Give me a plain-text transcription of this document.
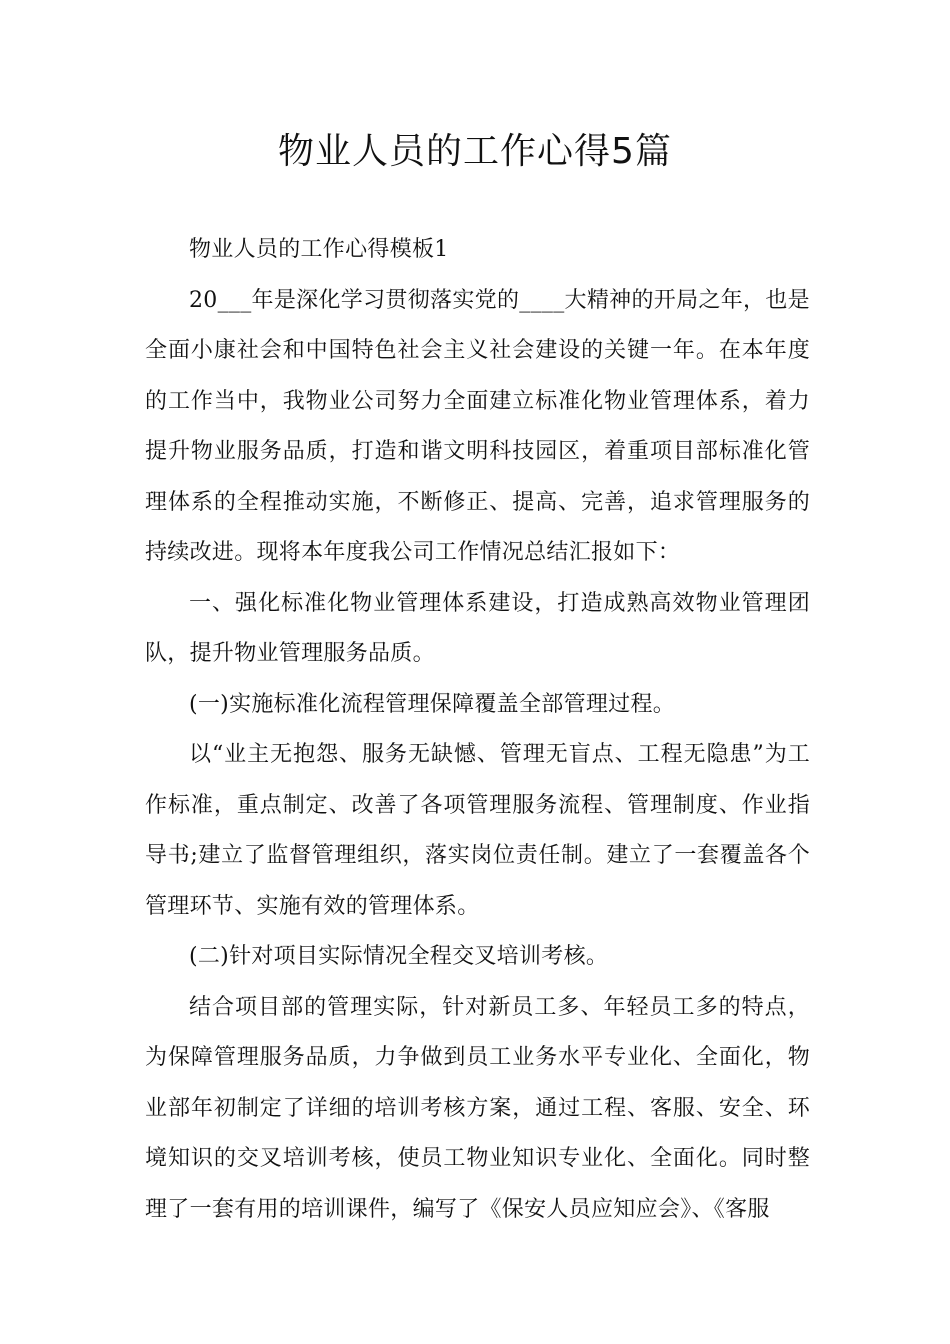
物业人员的工作心得5篇

物业人员的工作心得模板1

20___年是深化学习贯彻落实党的____大精神的开局之年，也是全面小康社会和中国特色社会主义社会建设的关键一年。在本年度的工作当中，我物业公司努力全面建立标准化物业管理体系，着力提升物业服务品质，打造和谐文明科技园区，着重项目部标准化管理体系的全程推动实施，不断修正、提高、完善，追求管理服务的持续改进。现将本年度我公司工作情况总结汇报如下：

一、强化标准化物业管理体系建设，打造成熟高效物业管理团队，提升物业管理服务品质。

(一)实施标准化流程管理保障覆盖全部管理过程。

以“业主无抱怨、服务无缺憾、管理无盲点、工程无隐患”为工作标准，重点制定、改善了各项管理服务流程、管理制度、作业指导书;建立了监督管理组织，落实岗位责任制。建立了一套覆盖各个管理环节、实施有效的管理体系。

(二)针对项目实际情况全程交叉培训考核。

结合项目部的管理实际，针对新员工多、年轻员工多的特点，为保障管理服务品质，力争做到员工业务水平专业化、全面化，物业部年初制定了详细的培训考核方案，通过工程、客服、安全、环境知识的交叉培训考核，使员工物业知识专业化、全面化。同时整理了一套有用的培训课件，编写了《保安人员应知应会》、《客服
